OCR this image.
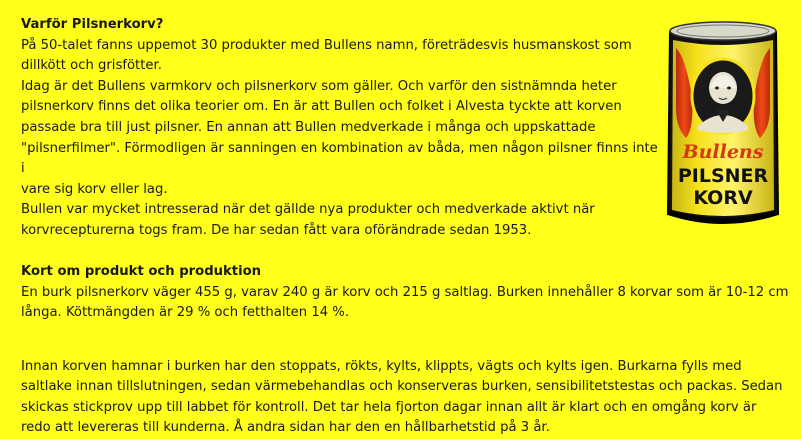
Varför Pilsnerkorv?

På 50-talet fanns uppemot 30 produkter med Bullens namn, företrädesvis husmanskost som

dillkött och grisfötter.

Idag är det Bullens varmkorv och pilsnerkorv som gäller. Och varför den sistnämnda heter

pilsnerkorv finns det olika teorier om. En är att Bullen och folket i Alvesta tyckte att korven

passade bra till just pilsner. En annan att Bullen medverkade i många och uppskattade

"pilsnerfilmer". Förmodligen är sanningen en kombination av båda, men någon pilsner finns inte i

vare sig korv eller lag.

Bullen var mycket intresserad när det gällde nya produkter och medverkade aktivt när

korvrecepturerna togs fram. De har sedan fått vara oförändrade sedan 1953.

Kort om produkt och produktion

En burk pilsnerkorv väger 455 g, varav 240 g är korv och 215 g saltlag. Burken innehåller 8 korvar som är 10-12 cm

långa. Köttmängden är 29 % och fetthalten 14 %.

Innan korven hamnar i burken har den stoppats, rökts, kylts, klippts, vägts och kylts igen. Burkarna fylls med

saltlake innan tillslutningen, sedan värmebehandlas och konserveras burken, sensibilitetstestas och packas. Sedan

skickas stickprov upp till labbet för kontroll. Det tar hela fjorton dagar innan allt är klart och en omgång korv är

redo att levereras till kunderna. Å andra sidan har den en hållbarhetstid på 3 år.

Bullens
PILSNER
KORV
